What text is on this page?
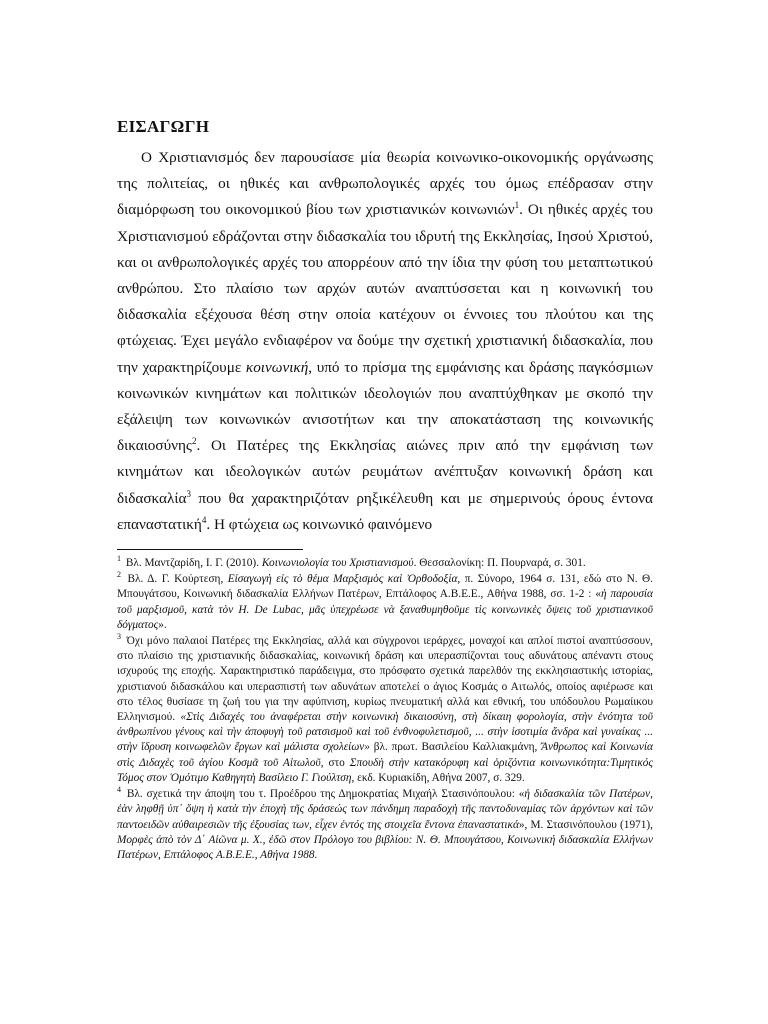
ΕΙΣΑΓΩΓΗ

Ο Χριστιανισμός δεν παρουσίασε μία θεωρία κοινωνικο-οικονομικής οργάνωσης της πολιτείας, οι ηθικές και ανθρωπολογικές αρχές του όμως επέδρασαν στην διαμόρφωση του οικονομικού βίου των χριστιανικών κοινωνιών$^1$. Οι ηθικές αρχές του Χριστιανισμού εδράζονται στην διδασκαλία του ιδρυτή της Εκκλησίας, Ιησού Χριστού, και οι ανθρωπολογικές αρχές του απορρέουν από την ίδια την φύση του μεταπτωτικού ανθρώπου. Στο πλαίσιο των αρχών αυτών αναπτύσσεται και η κοινωνική του διδασκαλία εξέχουσα θέση στην οποία κατέχουν οι έννοιες του πλούτου και της φτώχειας. Έχει μεγάλο ενδιαφέρον να δούμε την σχετική χριστιανική διδασκαλία, που την χαρακτηρίζουμε κοινωνική, υπό το πρίσμα της εμφάνισης και δράσης παγκόσμιων κοινωνικών κινημάτων και πολιτικών ιδεολογιών που αναπτύχθηκαν με σκοπό την εξάλειψη των κοινωνικών ανισοτήτων και την αποκατάσταση της κοινωνικής δικαιοσύνης$^2$. Οι Πατέρες της Εκκλησίας αιώνες πριν από την εμφάνιση των κινημάτων και ιδεολογικών αυτών ρευμάτων ανέπτυξαν κοινωνική δράση και διδασκαλία$^3$ που θα χαρακτηριζόταν ρηξικέλευθη και με σημερινούς όρους έντονα επαναστατική$^4$. Η φτώχεια ως κοινωνικό φαινόμενο

$^1$ Βλ. Μαντζαρίδη, Ι. Γ. (2010). Κοινωνιολογία του Χριστιανισμού. Θεσσαλονίκη: Π. Πουρναρά, σ. 301.

$^2$ Βλ. Δ. Γ. Κούρτεση, Εἰσαγωγὴ εἰς τὸ θέμα Μαρξισμὸς καὶ Ὀρθοδοξία, π. Σύνορο, 1964 σ. 131, εδώ στο Ν. Θ. Μπουγάτσου, Κοινωνική διδασκαλία Ελλήνων Πατέρων, Επτάλοφος Α.Β.Ε.Ε., Αθήνα 1988, σσ. 1-2 : «ἡ παρουσία τοῦ μαρξισμοῦ, κατὰ τὸν Η. De Lubac, μᾶς ὑπεχρέωσε νὰ ξαναθυμηθοῦμε τὶς κοινωνικὲς ὄψεις τοῦ χριστιανικοῦ δόγματος».

$^3$ Όχι μόνο παλαιοί Πατέρες της Εκκλησίας, αλλά και σύγχρονοι ιεράρχες, μοναχοί και απλοί πιστοί αναπτύσσουν, στο πλαίσιο της χριστιανικής διδασκαλίας, κοινωνική δράση και υπερασπίζονται τους αδυνάτους απέναντι στους ισχυρούς της εποχής. Χαρακτηριστικό παράδειγμα, στο πρόσφατο σχετικά παρελθόν της εκκλησιαστικής ιστορίας, χριστιανού διδασκάλου και υπερασπιστή των αδυνάτων αποτελεί ο άγιος Κοσμάς ο Αιτωλός, οποίος αφιέρωσε και στο τέλος θυσίασε τη ζωή του για την αφύπνιση, κυρίως πνευματική αλλά και εθνική, του υπόδουλου Ρωμαίικου Ελληνισμού. «Στὶς Διδαχές του ἀναφέρεται στὴν κοινωνικὴ δικαιοσύνη, στὴ δίκαιη φορολογία, στὴν ἑνότητα τοῦ ἀνθρωπίνου γένους καὶ τὴν ἀποφυγὴ τοῦ ρατσισμοῦ καὶ τοῦ ἐνθνοφυλετισμοῦ, ... στὴν ἰσοτιμία ἄνδρα καὶ γυναίκας ... στὴν ἵδρυση κοινωφελῶν ἔργων καὶ μάλιστα σχολείων» βλ. πρωτ. Βασιλείου Καλλιακμάνη, Ἄνθρωπος καὶ Κοινωνία στὶς Διδαχὲς τοῦ ἁγίου Κοσμᾶ τοῦ Αἰτωλοῦ, στο Σπουδὴ στὴν κατακόρυφη καὶ ὁριζόντια κοινωνικότητα:Τιμητικός Τόμος στον Ὁμότιμο Καθηγητὴ Βασίλειο Γ. Γιούλτση, εκδ. Κυριακίδη, Αθήνα 2007, σ. 329.

$^4$ Βλ. σχετικά την άποψη του τ. Προέδρου της Δημοκρατίας Μιχαήλ Στασινόπουλου: «ἡ διδασκαλία τῶν Πατέρων, ἐὰν ληφθῇ ὑπ᾽ ὄψη ἡ κατὰ τὴν ἐποχὴ τῆς δράσεώς των πάνδημη παραδοχὴ τῆς παντοδυναμίας τῶν ἀρχόντων καὶ τῶν παντοειδῶν αὐθαιρεσιῶν τῆς ἐξουσίας των, εἶχεν ἐντός της στοιχεῖα ἔντονα ἐπαναστατικά», Μ. Στασινόπουλου (1971), Μορφὲς ἀπὸ τὸν Δ΄ Αἰῶνα μ. Χ., ἐδῶ στον Πρόλογο του βιβλίου: Ν. Θ. Μπουγάτσου, Κοινωνική διδασκαλία Ελλήνων Πατέρων, Επτάλοφος Α.Β.Ε.Ε., Αθήνα 1988.
